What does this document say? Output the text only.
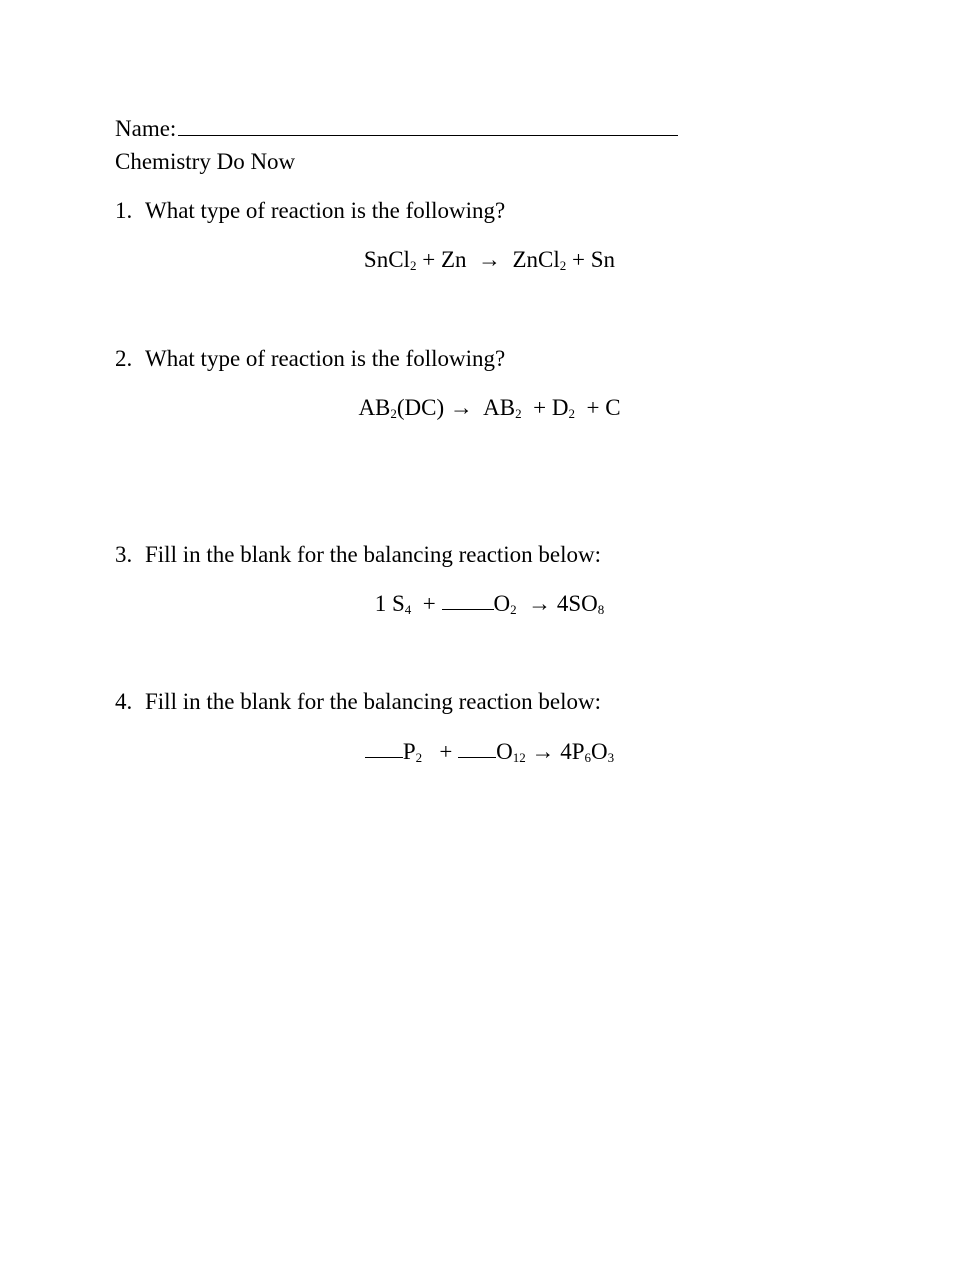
Name:
Chemistry Do Now
1. What type of reaction is the following?
SnCl$_2$ + Zn  →  ZnCl$_2$ + Sn
2. What type of reaction is the following?
$AB_2(DC) \to AB_2 + D_2 + C$
3. Fill in the blank for the balancing reaction below:
1 $S_4 + O_2 \to 4SO_8$
4. Fill in the blank for the balancing reaction below:
$P_2 + O_{12} \to 4P_6O_3$
